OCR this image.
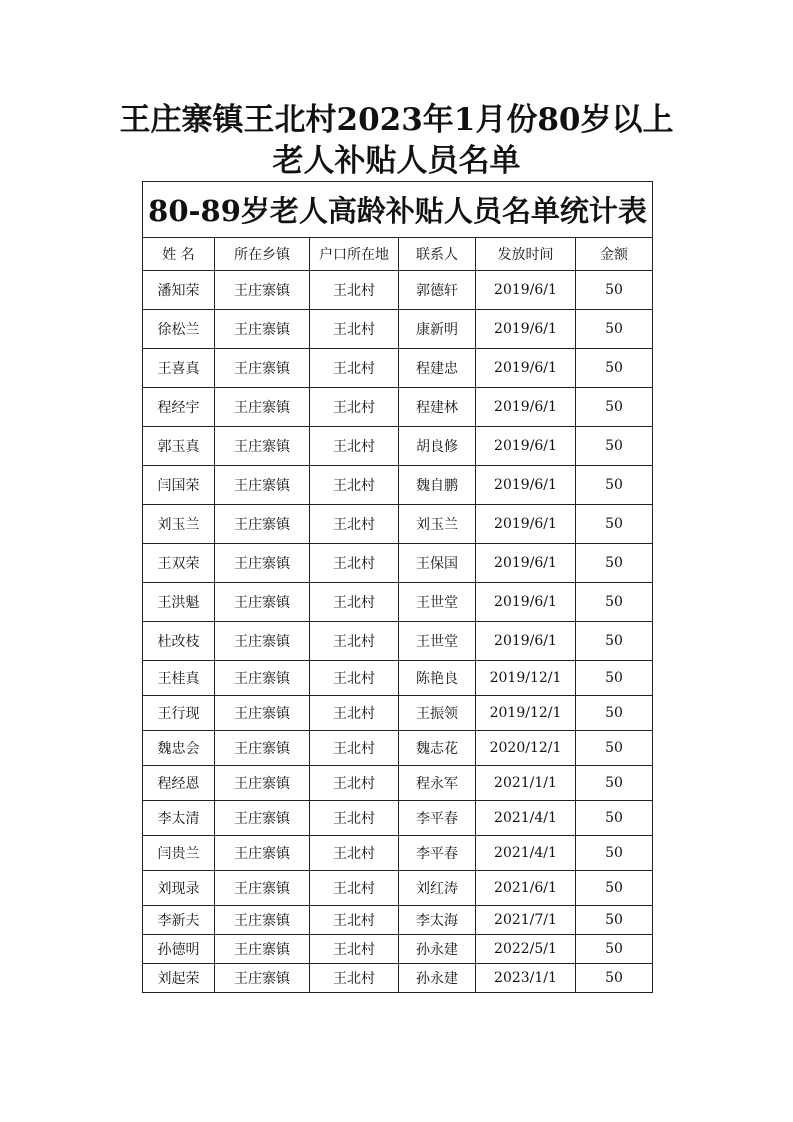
王庄寨镇王北村2023年1月份80岁以上
老人补贴人员名单
80-89岁老人高龄补贴人员名单统计表					
姓 名	所在乡镇	户口所在地	联系人	发放时间	金额
潘知荣	王庄寨镇	王北村	郭德轩	2019/6/1	50
徐松兰	王庄寨镇	王北村	康新明	2019/6/1	50
王喜真	王庄寨镇	王北村	程建忠	2019/6/1	50
程经宇	王庄寨镇	王北村	程建林	2019/6/1	50
郭玉真	王庄寨镇	王北村	胡良修	2019/6/1	50
闫国荣	王庄寨镇	王北村	魏自鹏	2019/6/1	50
刘玉兰	王庄寨镇	王北村	刘玉兰	2019/6/1	50
王双荣	王庄寨镇	王北村	王保国	2019/6/1	50
王洪魁	王庄寨镇	王北村	王世堂	2019/6/1	50
杜改枝	王庄寨镇	王北村	王世堂	2019/6/1	50
王桂真	王庄寨镇	王北村	陈艳良	2019/12/1	50
王行现	王庄寨镇	王北村	王振领	2019/12/1	50
魏忠会	王庄寨镇	王北村	魏志花	2020/12/1	50
程经恩	王庄寨镇	王北村	程永军	2021/1/1	50
李太清	王庄寨镇	王北村	李平春	2021/4/1	50
闫贵兰	王庄寨镇	王北村	李平春	2021/4/1	50
刘现录	王庄寨镇	王北村	刘红涛	2021/6/1	50
李新夫	王庄寨镇	王北村	李太海	2021/7/1	50
孙德明	王庄寨镇	王北村	孙永建	2022/5/1	50
刘起荣	王庄寨镇	王北村	孙永建	2023/1/1	50
